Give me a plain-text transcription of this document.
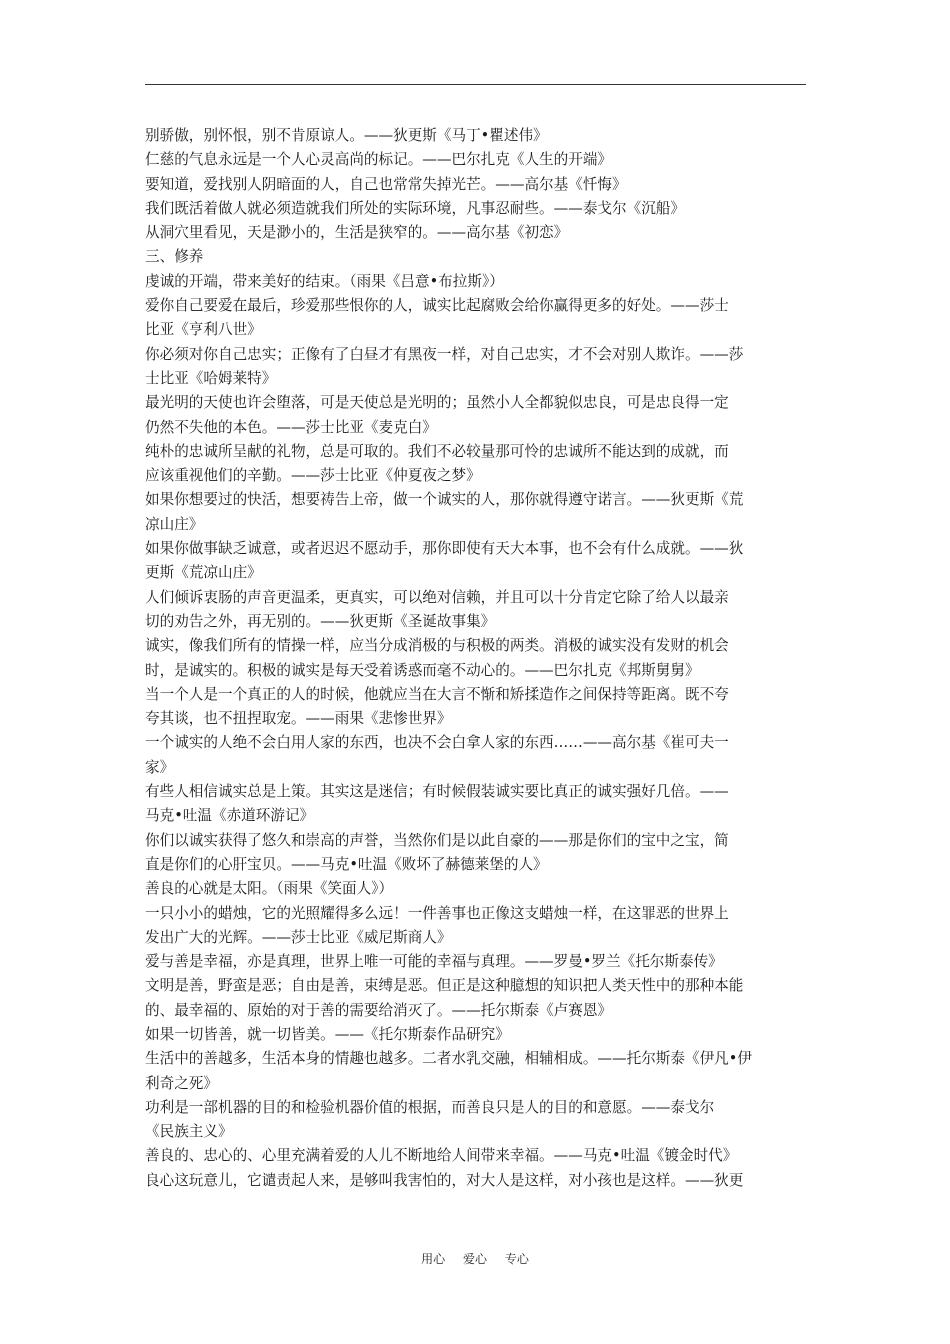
别骄傲，别怀恨，别不肯原谅人。——狄更斯《马丁•瞿述伟》
仁慈的气息永远是一个人心灵高尚的标记。——巴尔扎克《人生的开端》
要知道，爱找别人阴暗面的人，自己也常常失掉光芒。——高尔基《忏悔》
我们既活着做人就必须造就我们所处的实际环境，凡事忍耐些。——泰戈尔《沉船》
从洞穴里看见，天是渺小的，生活是狭窄的。——高尔基《初恋》
三、修养
虔诚的开端，带来美好的结束。（雨果《吕意•布拉斯》）
爱你自己要爱在最后，珍爱那些恨你的人，诚实比起腐败会给你赢得更多的好处。——莎士
比亚《亨利八世》
你必须对你自己忠实；正像有了白昼才有黑夜一样，对自己忠实，才不会对别人欺诈。——莎
士比亚《哈姆莱特》
最光明的天使也许会堕落，可是天使总是光明的；虽然小人全都貌似忠良，可是忠良得一定
仍然不失他的本色。——莎士比亚《麦克白》
纯朴的忠诚所呈献的礼物，总是可取的。我们不必较量那可怜的忠诚所不能达到的成就，而
应该重视他们的辛勤。——莎士比亚《仲夏夜之梦》
如果你想要过的快活，想要祷告上帝，做一个诚实的人，那你就得遵守诺言。——狄更斯《荒
凉山庄》
如果你做事缺乏诚意，或者迟迟不愿动手，那你即使有天大本事，也不会有什么成就。——狄
更斯《荒凉山庄》
人们倾诉衷肠的声音更温柔，更真实，可以绝对信赖，并且可以十分肯定它除了给人以最亲
切的劝告之外，再无别的。——狄更斯《圣诞故事集》
诚实，像我们所有的情操一样，应当分成消极的与积极的两类。消极的诚实没有发财的机会
时，是诚实的。积极的诚实是每天受着诱惑而毫不动心的。——巴尔扎克《邦斯舅舅》
当一个人是一个真正的人的时候，他就应当在大言不惭和矫揉造作之间保持等距离。既不夸
夸其谈，也不扭捏取宠。——雨果《悲惨世界》
一个诚实的人绝不会白用人家的东西，也决不会白拿人家的东西……——高尔基《崔可夫一
家》
有些人相信诚实总是上策。其实这是迷信；有时候假装诚实要比真正的诚实强好几倍。——
马克•吐温《赤道环游记》
你们以诚实获得了悠久和崇高的声誉，当然你们是以此自豪的——那是你们的宝中之宝，简
直是你们的心肝宝贝。——马克•吐温《败坏了赫德莱堡的人》
善良的心就是太阳。（雨果《笑面人》）
一只小小的蜡烛，它的光照耀得多么远！一件善事也正像这支蜡烛一样，在这罪恶的世界上
发出广大的光辉。——莎士比亚《威尼斯商人》
爱与善是幸福，亦是真理，世界上唯一可能的幸福与真理。——罗曼•罗兰《托尔斯泰传》
文明是善，野蛮是恶；自由是善，束缚是恶。但正是这种臆想的知识把人类天性中的那种本能
的、最幸福的、原始的对于善的需要给消灭了。——托尔斯泰《卢赛恩》
如果一切皆善，就一切皆美。——《托尔斯泰作品研究》
生活中的善越多，生活本身的情趣也越多。二者水乳交融，相辅相成。——托尔斯泰《伊凡•伊
利奇之死》
功利是一部机器的目的和检验机器价值的根据，而善良只是人的目的和意愿。——泰戈尔
《民族主义》
善良的、忠心的、心里充满着爱的人儿不断地给人间带来幸福。——马克•吐温《镀金时代》
良心这玩意儿，它谴责起人来，是够叫我害怕的，对大人是这样，对小孩也是这样。——狄更
用心 爱心 专心
